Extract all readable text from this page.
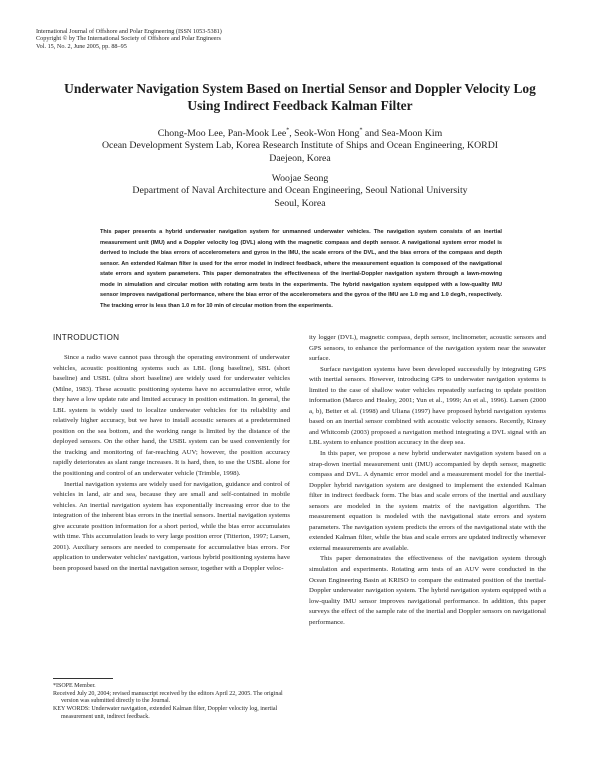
International Journal of Offshore and Polar Engineering (ISSN 1053-5381)
Copyright © by The International Society of Offshore and Polar Engineers
Vol. 15, No. 2, June 2005, pp. 88–95
Underwater Navigation System Based on Inertial Sensor and Doppler Velocity Log
Using Indirect Feedback Kalman Filter
Chong-Moo Lee, Pan-Mook Lee*, Seok-Won Hong* and Sea-Moon Kim
Ocean Development System Lab, Korea Research Institute of Ships and Ocean Engineering, KORDI
Daejeon, Korea
Woojae Seong
Department of Naval Architecture and Ocean Engineering, Seoul National University
Seoul, Korea
This paper presents a hybrid underwater navigation system for unmanned underwater vehicles. The navigation system consists of an inertial measurement unit (IMU) and a Doppler velocity log (DVL) along with the magnetic compass and depth sensor. A navigational system error model is derived to include the bias errors of accelerometers and gyros in the IMU, the scale errors of the DVL, and the bias errors of the compass and depth sensor. An extended Kalman filter is used for the error model in indirect feedback, where the measurement equation is composed of the navigational state errors and system parameters. This paper demonstrates the effectiveness of the inertial-Doppler navigation system through a lawn-mowing mode in simulation and circular motion with rotating arm tests in the experiments. The hybrid navigation system equipped with a low-quality IMU sensor improves navigational performance, where the bias error of the accelerometers and the gyros of the IMU are 1.0 mg and 1.0 deg/h, respectively. The tracking error is less than 1.0 m for 10 min of circular motion from the experiments.
INTRODUCTION

Since a radio wave cannot pass through the operating environment of underwater vehicles, acoustic positioning systems such as LBL (long baseline), SBL (short baseline) and USBL (ultra short baseline) are widely used for underwater vehicles (Milne, 1983). These acoustic positioning systems have no accumulative error, while they have a low update rate and limited accuracy in position estimation. In general, the LBL system is widely used to localize underwater vehicles for its reliability and relatively higher accuracy, but we have to install acoustic sensors at a predetermined position on the sea bottom, and the working range is limited by the distance of the deployed sensors. On the other hand, the USBL system can be used conveniently for the tracking and monitoring of far-reaching AUV; however, the position accuracy rapidly deteriorates as slant range increases. It is hard, then, to use the USBL alone for the positioning and control of an underwater vehicle (Trimble, 1998).

Inertial navigation systems are widely used for navigation, guidance and control of vehicles in land, air and sea, because they are small and self-contained in mobile vehicles. An inertial navigation system has exponentially increasing error due to the integration of the inherent bias errors in the inertial sensors. Inertial navigation systems give accurate position information for a short period, while the bias error accumulates with time. This accumulation leads to very large position error (Titterton, 1997; Larsen, 2001). Auxiliary sensors are needed to compensate for accumulative bias errors. For application to underwater vehicles' navigation, various hybrid positioning systems have been proposed based on the inertial navigation sensor, together with a Doppler veloc-

ity logger (DVL), magnetic compass, depth sensor, inclinometer, acoustic sensors and GPS sensors, to enhance the performance of the navigation system near the seawater surface.

Surface navigation systems have been developed successfully by integrating GPS with inertial sensors. However, introducing GPS to underwater navigation systems is limited to the case of shallow water vehicles repeatedly surfacing to update position information (Marco and Healey, 2001; Yun et al., 1999; An et al., 1996). Larsen (2000 a, b), Beiter et al. (1998) and Uliana (1997) have proposed hybrid navigation systems based on an inertial sensor combined with acoustic velocity sensors. Recently, Kinsey and Whitcomb (2003) proposed a navigation method integrating a DVL signal with an LBL system to enhance position accuracy in the deep sea.

In this paper, we propose a new hybrid underwater navigation system based on a strap-down inertial measurement unit (IMU) accompanied by depth sensor, magnetic compass and DVL. A dynamic error model and a measurement model for the inertial-Doppler hybrid navigation system are designed to implement the extended Kalman filter in indirect feedback form. The bias and scale errors of the inertial and auxiliary sensors are modeled in the system matrix of the navigation algorithm. The measurement equation is modeled with the navigational state errors and system parameters. The navigation system predicts the errors of the navigational state with the extended Kalman filter, while the bias and scale errors are updated indirectly whenever external measurements are available.

This paper demonstrates the effectiveness of the navigation system through simulation and experiments. Rotating arm tests of an AUV were conducted in the Ocean Engineering Basin at KRISO to compare the estimated position of the inertial-Doppler underwater navigation system. The hybrid navigation system equipped with a low-quality IMU sensor improves navigational performance. In addition, this paper surveys the effect of the sample rate of the inertial and Doppler sensors on navigational performance.

*ISOPE Member.

Received July 20, 2004; revised manuscript received by the editors April 22, 2005. The original version was submitted directly to the Journal.

KEY WORDS: Underwater navigation, extended Kalman filter, Doppler velocity log, inertial measurement unit, indirect feedback.
